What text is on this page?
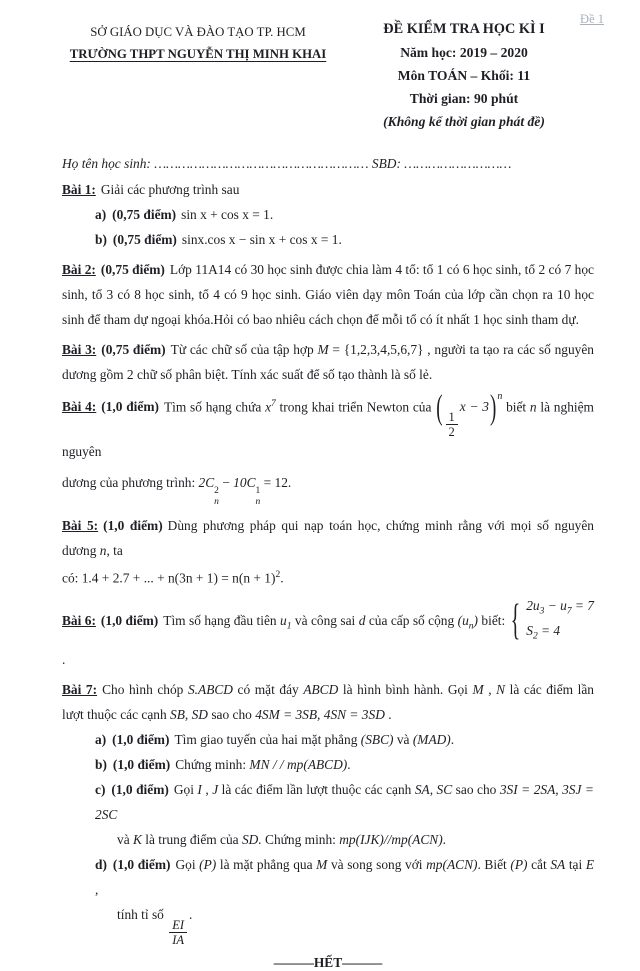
Đề 1
SỞ GIÁO DỤC VÀ ĐÀO TẠO TP. HCM
TRƯỜNG THPT NGUYỄN THỊ MINH KHAI
ĐỀ KIỂM TRA HỌC KÌ I
Năm học: 2019 – 2020
Môn TOÁN – Khối: 11
Thời gian: 90 phút
(Không kể thời gian phát đề)
Họ tên học sinh: ……………………………………………… SBD: ………………………
Bài 1: Giải các phương trình sau
a) (0,75 điểm) sin x + cos x = 1.
b) (0,75 điểm) sinx.cos x − sin x + cos x = 1.
Bài 2: (0,75 điểm) Lớp 11A14 có 30 học sinh được chia làm 4 tổ: tổ 1 có 6 học sinh, tổ 2 có 7 học sinh, tổ 3 có 8 học sinh, tổ 4 có 9 học sinh. Giáo viên dạy môn Toán của lớp cần chọn ra 10 học sinh để tham dự ngoại khóa.Hỏi có bao nhiêu cách chọn để mỗi tổ có ít nhất 1 học sinh tham dự.
Bài 3: (0,75 điểm) Từ các chữ số của tập hợp M = {1,2,3,4,5,6,7} , người ta tạo ra các số nguyên dương gồm 2 chữ số phân biệt. Tính xác suất để số tạo thành là số lẻ.
Bài 4: (1,0 điểm) Tìm số hạng chứa $x^7$ trong khai triển Newton của ( $\frac{1}{2}$
x − 3)$^n$ biết n là nghiệm nguyên
dương của phương trình: 2C
2
n
− 10C
1
n
= 12.
Bài 5: (1,0 điểm) Dùng phương pháp qui nạp toán học, chứng minh rằng với mọi số nguyên dương n, ta
có: 1.4 + 2.7 + ... + $n(3n + 1) = n(n + 1)^2$.
Bài 6: (1,0 điểm) Tìm số hạng đầu tiên $u_1$ và công sai d của cấp số cộng $(u_n)$ biết: { $2u_3 - u_7 = 7$
$S_2 = 4$
.
Bài 7: Cho hình chóp S.ABCD có mặt đáy ABCD là hình bình hành. Gọi M , N là các điểm lần lượt thuộc các cạnh SB, SD sao cho 4SM = 3SB, 4SN = 3SD .
a) (1,0 điểm) Tìm giao tuyến của hai mặt phẳng (SBC) và (MAD).
b) (1,0 điểm) Chứng minh: MN / / mp(ABCD).
c) (1,0 điểm) Gọi I , J là các điểm lần lượt thuộc các cạnh SA, SC sao cho 3SI = 2SA, 3SJ = 2SC
và K là trung điểm của SD. Chứng minh: mp(IJK)//mp(ACN).
d) (1,0 điểm) Gọi (P) là mặt phẳng qua M và song song với mp(ACN). Biết (P) cắt SA tại E ,
tính tỉ số
$\frac{EI}{IA}$
.
———HẾT———
